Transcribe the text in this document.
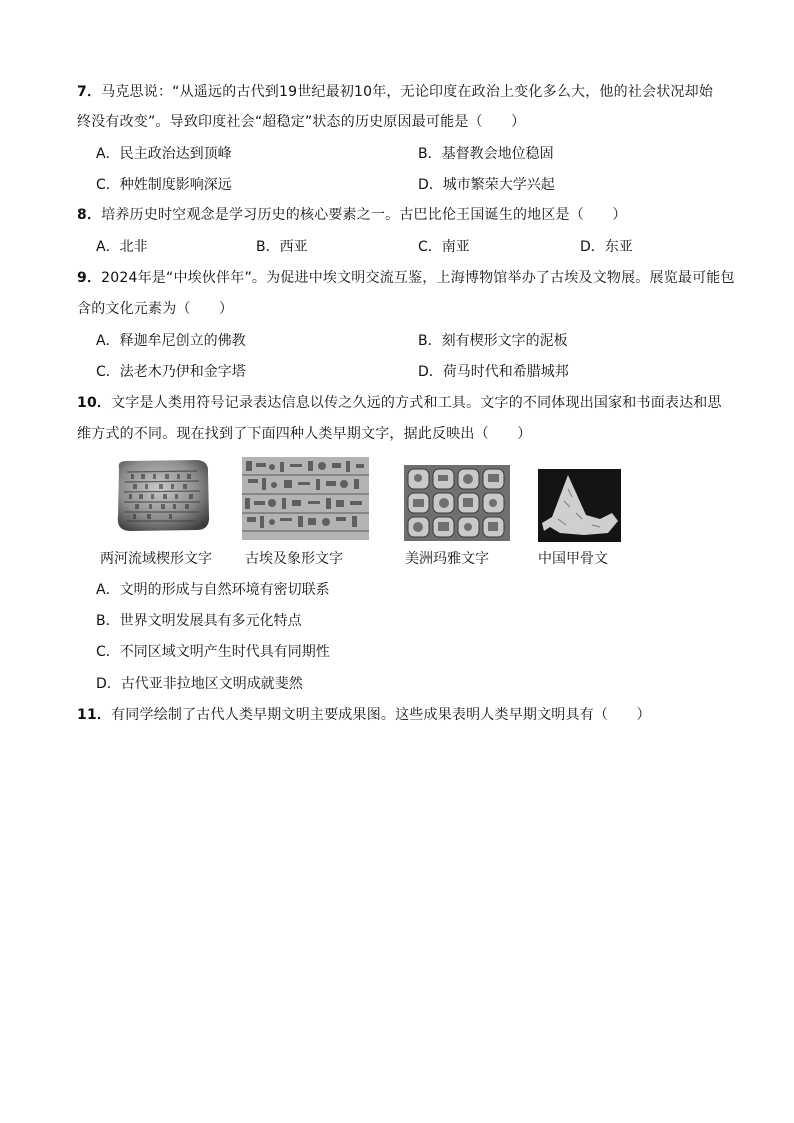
7．马克思说：“从遥远的古代到19世纪最初10年，无论印度在政治上变化多么大，他的社会状况却始
终没有改变”。导致印度社会“超稳定”状态的历史原因最可能是（　　）
A．民主政治达到顶峰	B．基督教会地位稳固
C．种姓制度影响深远	D．城市繁荣大学兴起
8．培养历史时空观念是学习历史的核心要素之一。古巴比伦王国诞生的地区是（　　）
A．北非	B．西亚	C．南亚	D．东亚
9．2024年是“中埃伙伴年”。为促进中埃文明交流互鉴，上海博物馆举办了古埃及文物展。展览最可能包
含的文化元素为（　　）
A．释迦牟尼创立的佛教	B．刻有楔形文字的泥板
C．法老木乃伊和金字塔	D．荷马时代和希腊城邦
10．文字是人类用符号记录表达信息以传之久远的方式和工具。文字的不同体现出国家和书面表达和思
维方式的不同。现在找到了下面四种人类早期文字，据此反映出（　　）
两河流域楔形文字 古埃及象形文字	美洲玛雅文字	中国甲骨文
A．文明的形成与自然环境有密切联系
B．世界文明发展具有多元化特点
C．不同区域文明产生时代具有同期性
D．古代亚非拉地区文明成就斐然
11．有同学绘制了古代人类早期文明主要成果图。这些成果表明人类早期文明具有（　　）
